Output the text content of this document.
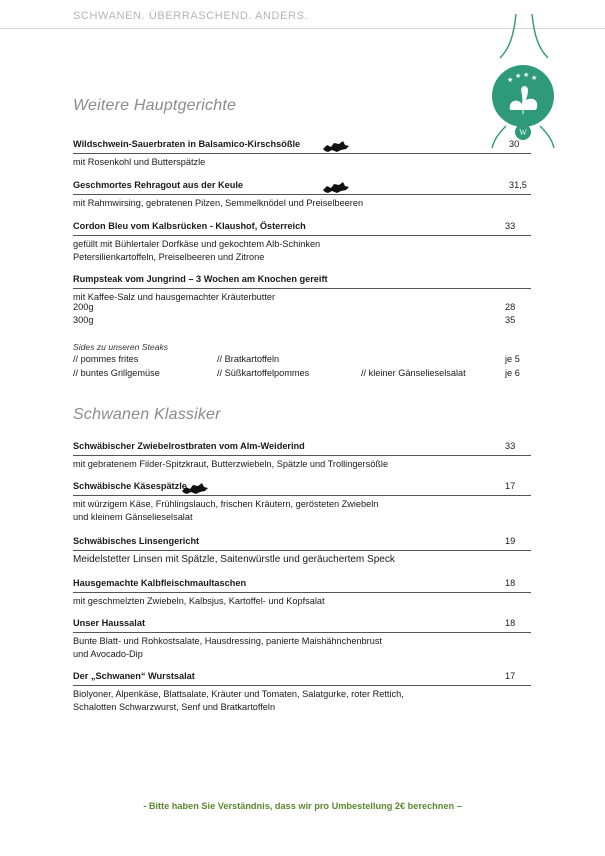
SCHWANEN. ÜBERRASCHEND. ANDERS.
★ ★ ★ ★
W
Weitere Hauptgerichte
Wildschwein-Sauerbraten in Balsamico-Kirschsößle	30
mit Rosenkohl und Butterspätzle
Geschmortes Rehragout aus der Keule	31,5
mit Rahmwirsing, gebratenen Pilzen, Semmelknödel und Preiselbeeren
Cordon Bleu vom Kalbsrücken - Klaushof, Österreich	33
gefüllt mit Bühlertaler Dorfkäse und gekochtem Alb-Schinken
Petersilienkartoffeln, Preiselbeeren und Zitrone
Rumpsteak vom Jungrind – 3 Wochen am Knochen gereift
mit Kaffee-Salz und hausgemachter Kräuterbutter
200g	28
300g	35
Sides zu unseren Steaks
// pommes frites	// Bratkartoffeln	je 5
// buntes Grillgemüse	// Süßkartoffelpommes	// kleiner Gänselieselsalat	je 6
Schwanen Klassiker
Schwäbischer Zwiebelrostbraten vom Alm-Weiderind	33
mit gebratenem Filder-Spitzkraut, Butterzwiebeln, Spätzle und Trollingersößle
Schwäbische Käsespätzle	17
mit würzigem Käse, Frühlingslauch, frischen Kräutern, gerösteten Zwiebeln
und kleinem Gänselieselsalat
Schwäbisches Linsengericht	19
Meidelstetter Linsen mit Spätzle, Saitenwürstle und geräuchertem Speck
Hausgemachte Kalbfleischmaultaschen	18
mit geschmelzten Zwiebeln, Kalbsjus, Kartoffel- und Kopfsalat
Unser Haussalat	18
Bunte Blatt- und Rohkostsalate, Hausdressing, panierte Maishähnchenbrust
und Avocado-Dip
Der „Schwanen“ Wurstsalat	17
Biolyoner, Alpenkäse, Blattsalate, Kräuter und Tomaten, Salatgurke, roter Rettich,
Schalotten Schwarzwurst, Senf und Bratkartoffeln
- Bitte haben Sie Verständnis, dass wir pro Umbestellung 2€ berechnen –
